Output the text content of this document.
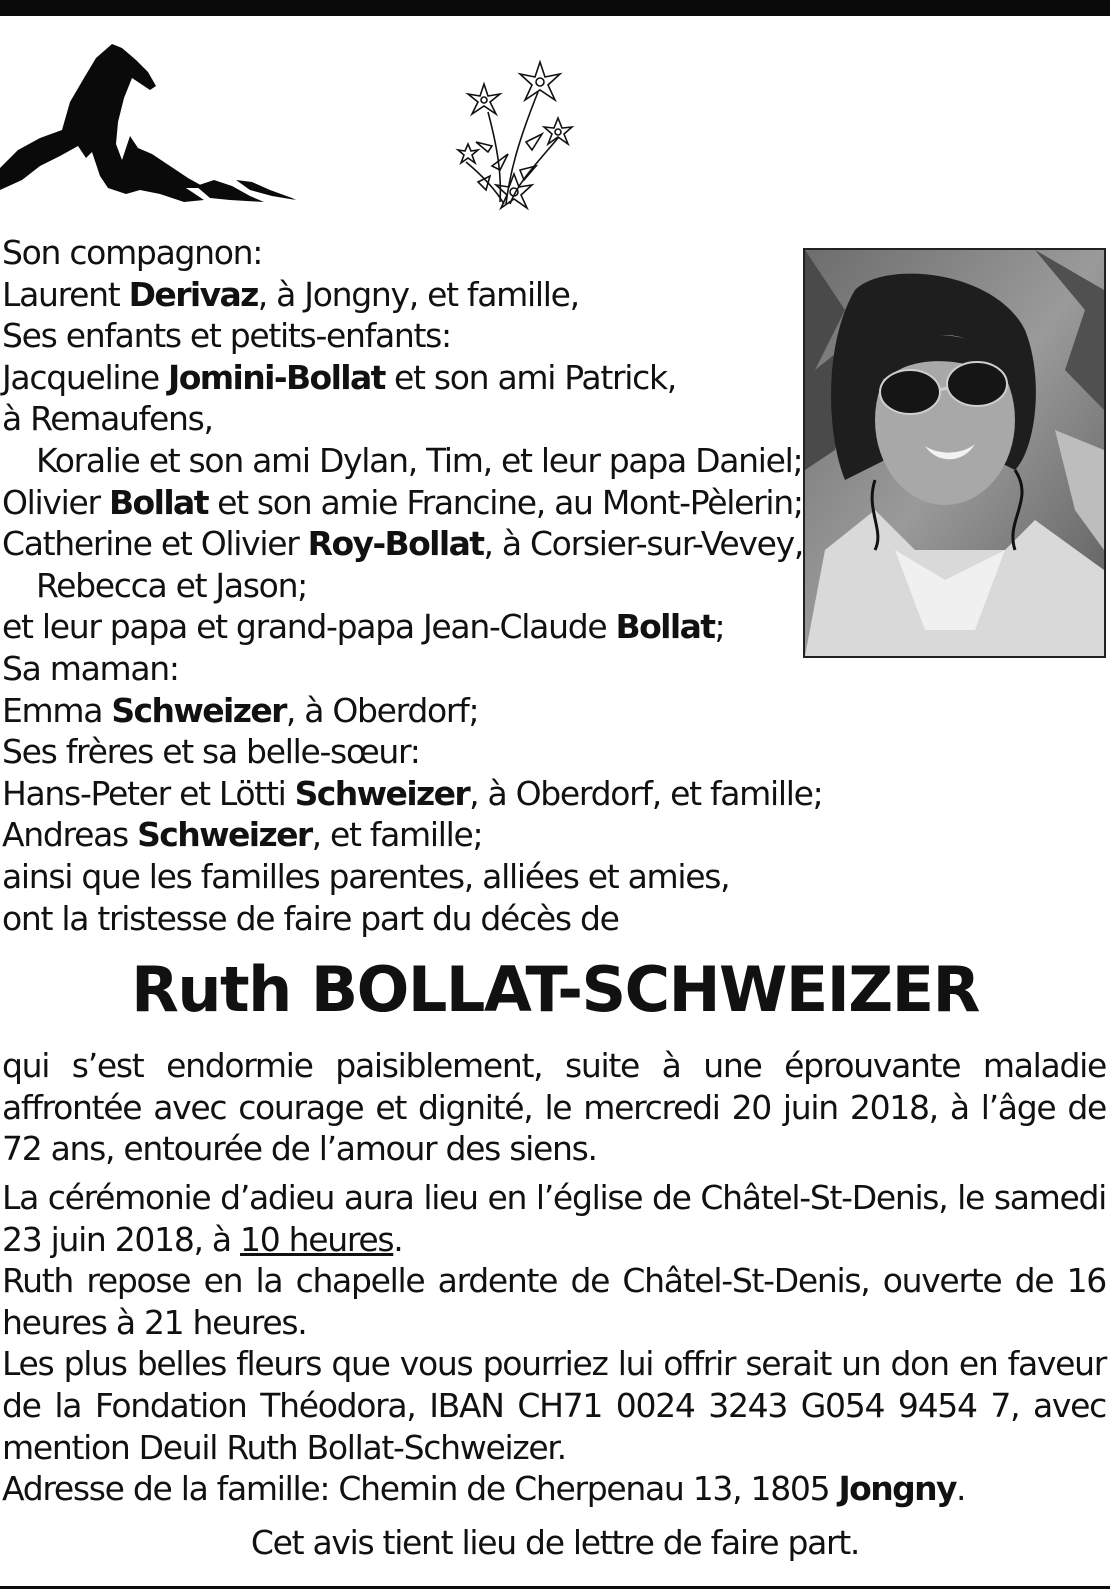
Son compagnon:
Laurent Derivaz, à Jongny, et famille,
Ses enfants et petits-enfants:
Jacqueline Jomini-Bollat et son ami Patrick,
à Remaufens,
Koralie et son ami Dylan, Tim, et leur papa Daniel;
Olivier Bollat et son amie Francine, au Mont-Pèlerin;
Catherine et Olivier Roy-Bollat, à Corsier-sur-Vevey,
Rebecca et Jason;
et leur papa et grand-papa Jean-Claude Bollat;
Sa maman:
Emma Schweizer, à Oberdorf;
Ses frères et sa belle-sœur:
Hans-Peter et Lötti Schweizer, à Oberdorf, et famille;
Andreas Schweizer, et famille;
ainsi que les familles parentes, alliées et amies,
ont la tristesse de faire part du décès de
Ruth BOLLAT-SCHWEIZER

qui s’est endormie paisiblement, suite à une éprouvante maladie affrontée avec courage et dignité, le mercredi 20 juin 2018, à l’âge de 72 ans, entourée de l’amour des siens.

La cérémonie d’adieu aura lieu en l’église de Châtel-St-Denis, le samedi 23 juin 2018, à 10 heures.
Ruth repose en la chapelle ardente de Châtel-St-Denis, ouverte de 16 heures à 21 heures.
Les plus belles fleurs que vous pourriez lui offrir serait un don en faveur de la Fondation Théodora, IBAN CH71 0024 3243 G054 9454 7, avec mention Deuil Ruth Bollat-Schweizer.
Adresse de la famille: Chemin de Cherpenau 13, 1805 Jongny.

Cet avis tient lieu de lettre de faire part.
